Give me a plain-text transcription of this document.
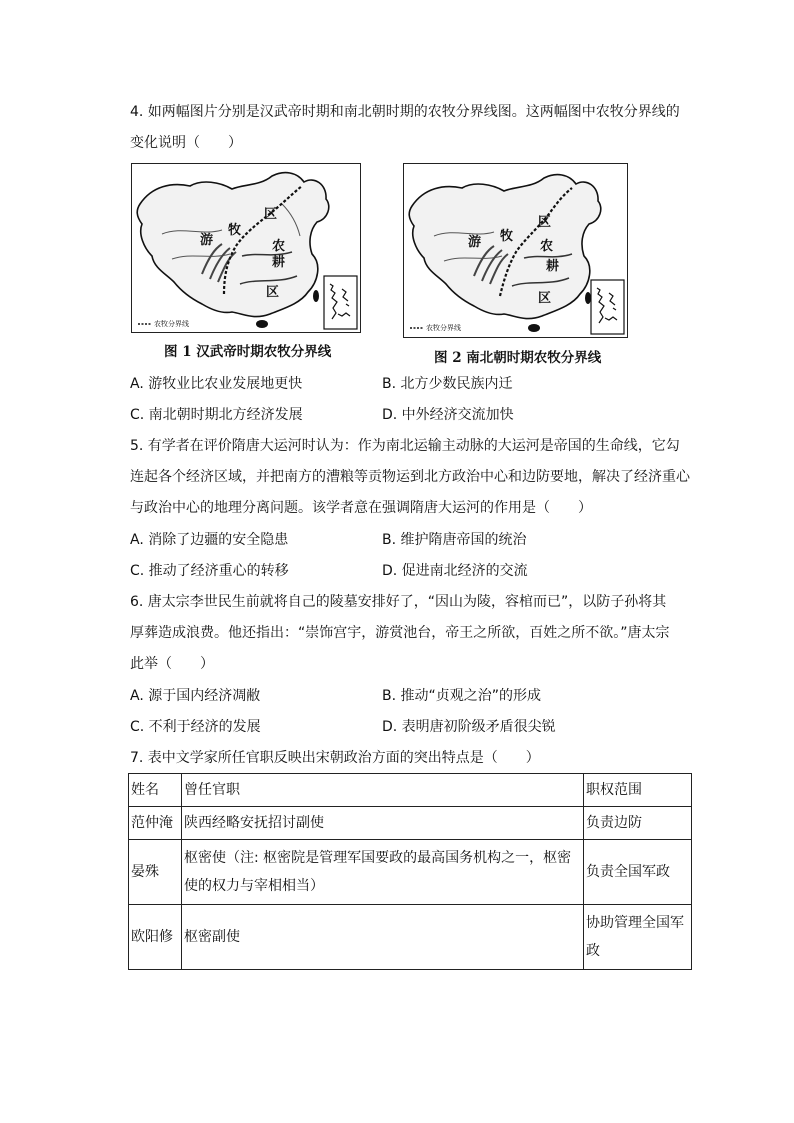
4. 如两幅图片分别是汉武帝时期和南北朝时期的农牧分界线图。这两幅图中农牧分界线的
变化说明（　　）
游
牧
区
农
耕
区
农牧分界线
图 1 汉武帝时期农牧分界线
游 牧
区
农
耕
区
农牧分界线
图 2 南北朝时期农牧分界线
A. 游牧业比农业发展地更快	B. 北方少数民族内迁
C. 南北朝时期北方经济发展	D. 中外经济交流加快
5. 有学者在评价隋唐大运河时认为：作为南北运输主动脉的大运河是帝国的生命线，它勾
连起各个经济区域，并把南方的漕粮等贡物运到北方政治中心和边防要地，解决了经济重心
与政治中心的地理分离问题。该学者意在强调隋唐大运河的作用是（　　）
A. 消除了边疆的安全隐患	B. 维护隋唐帝国的统治
C. 推动了经济重心的转移	D. 促进南北经济的交流
6. 唐太宗李世民生前就将自己的陵墓安排好了，“因山为陵，容棺而已”，以防子孙将其
厚葬造成浪费。他还指出：“崇饰宫宇，游赏池台，帝王之所欲，百姓之所不欲。”唐太宗
此举（　　）
A. 源于国内经济凋敝	B. 推动“贞观之治”的形成
C. 不利于经济的发展	D. 表明唐初阶级矛盾很尖锐
7. 表中文学家所任官职反映出宋朝政治方面的突出特点是（　　）
姓名	曾任官职	职权范围
范仲淹	陕西经略安抚招讨副使	负责边防
晏殊	枢密使（注: 枢密院是管理军国要政的最高国务机构之一，枢密使的权力与宰相相当）	负责全国军政
欧阳修	枢密副使	协助管理全国军政
